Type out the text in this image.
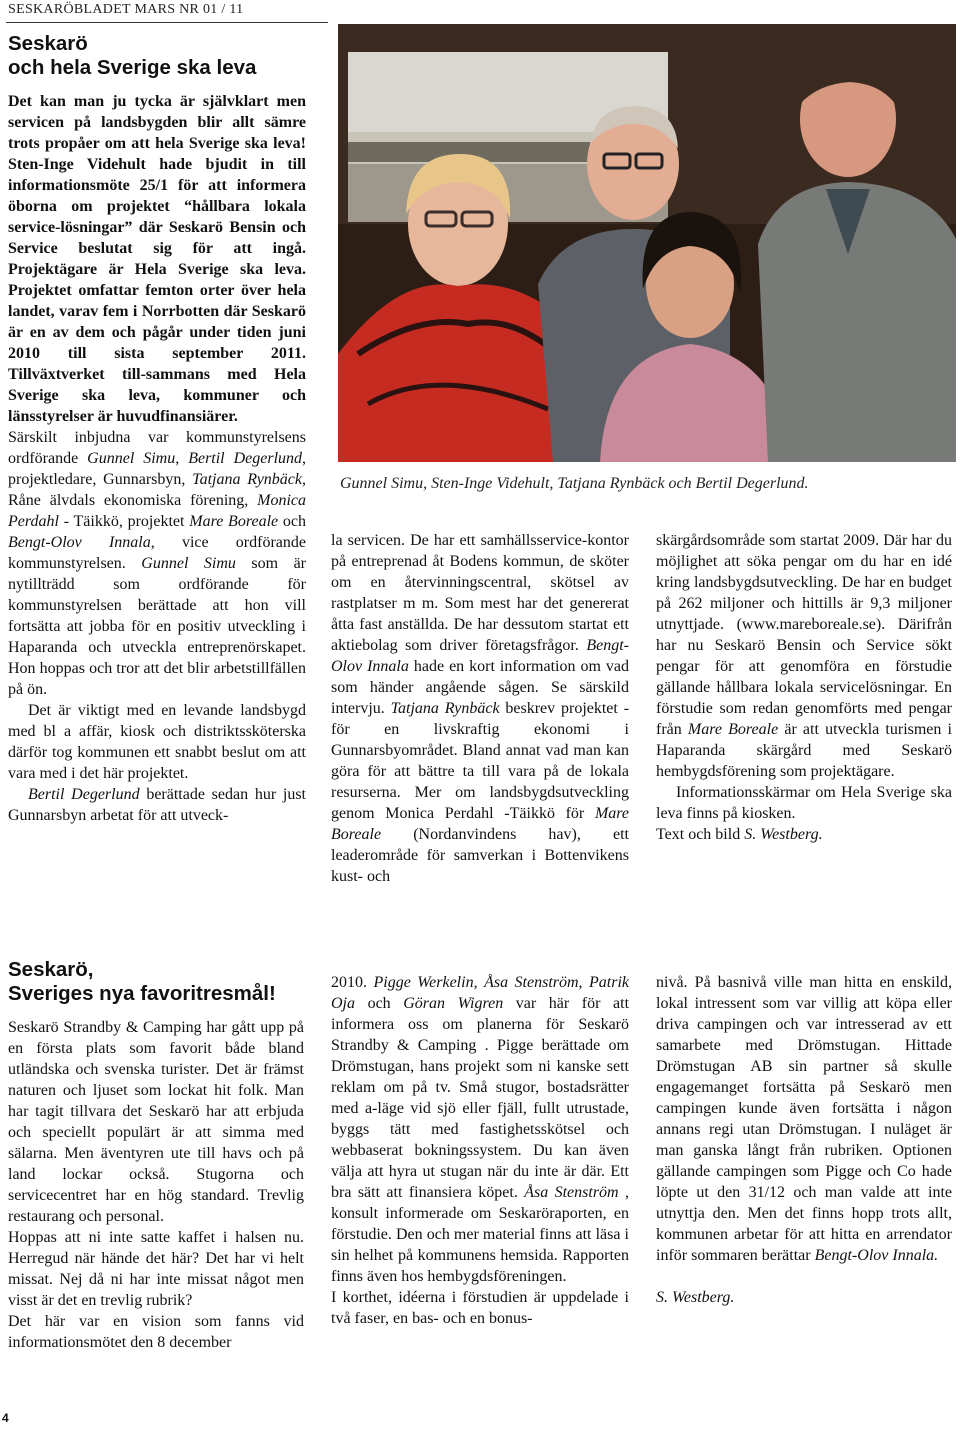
SESKARÖBLADET MARS NR 01 / 11
Seskarö
och hela Sverige ska leva

Det kan man ju tycka är självklart men servicen på landsbygden blir allt sämre trots propåer om att hela Sverige ska leva! Sten-Inge Videhult hade bjudit in till informationsmöte 25/1 för att informera öborna om projektet “hållbara lokala service-lösningar” där Seskarö Bensin och Service beslutat sig för att ingå. Projektägare är Hela Sverige ska leva. Projektet omfattar femton orter över hela landet, varav fem i Norrbotten där Seskarö är en av dem och pågår under tiden juni 2010 till sista september 2011. Tillväxtverket till-sammans med Hela Sverige ska leva, kommuner och länsstyrelser är huvudfinansiärer.

Särskilt inbjudna var kommunstyrelsens ordförande Gunnel Simu, Bertil Degerlund, projektledare, Gunnarsbyn, Tatjana Rynbäck, Råne älvdals ekonomiska förening, Monica Perdahl - Täikkö, projektet Mare Boreale och Bengt-Olov Innala, vice ordförande kommunstyrelsen. Gunnel Simu som är nytillträdd som ordförande för kommunstyrelsen berättade att hon vill fortsätta att jobba för en positiv utveckling i Haparanda och utveckla entreprenörskapet. Hon hoppas och tror att det blir arbetstillfällen på ön.

Det är viktigt med en levande landsbygd med bl a affär, kiosk och distriktssköterska därför tog kommunen ett snabbt beslut om att vara med i det här projektet.

Bertil Degerlund berättade sedan hur just Gunnarsbyn arbetat för att utveck-

Gunnel Simu, Sten-Inge Videhult, Tatjana Rynbäck och Bertil Degerlund.

la servicen. De har ett samhällsservice-kontor på entreprenad åt Bodens kommun, de sköter om en återvinningscentral, skötsel av rastplatser m m. Som mest har det genererat åtta fast anställda. De har dessutom startat ett aktiebolag som driver företagsfrågor. Bengt-Olov Innala hade en kort information om vad som händer angående sågen. Se särskild intervju. Tatjana Rynbäck beskrev projektet - för en livskraftig ekonomi i Gunnarsbyområdet. Bland annat vad man kan göra för att bättre ta till vara på de lokala resurserna. Mer om landsbygdsutveckling genom Monica Perdahl -Täikkö för Mare Boreale (Nordanvindens hav), ett leaderområde för samverkan i Bottenvikens kust- och

skärgårdsområde som startat 2009. Där har du möjlighet att söka pengar om du har en idé kring landsbygdsutveckling. De har en budget på 262 miljoner och hittills är 9,3 miljoner utnyttjade. (www.mareboreale.se). Därifrån har nu Seskarö Bensin och Service sökt pengar för att genomföra en förstudie gällande hållbara lokala servicelösningar. En förstudie som redan genomförts med pengar från Mare Boreale är att utveckla turismen i Haparanda skärgård med Seskarö hembygdsförening som projektägare.

Informationsskärmar om Hela Sverige ska leva finns på kiosken.

Text och bild S. Westberg.

Seskarö,
Sveriges nya favoritresmål!

Seskarö Strandby & Camping har gått upp på en första plats som favorit både bland utländska och svenska turister. Det är främst naturen och ljuset som lockat hit folk. Man har tagit tillvara det Seskarö har att erbjuda och speciellt populärt är att simma med sälarna. Men äventyren ute till havs och på land lockar också. Stugorna och servicecentret har en hög standard. Trevlig restaurang och personal.

Hoppas att ni inte satte kaffet i halsen nu. Herregud när hände det här? Det har vi helt missat. Nej då ni har inte missat något men visst är det en trevlig rubrik?

Det här var en vision som fanns vid informationsmötet den 8 december

2010. Pigge Werkelin, Åsa Stenström, Patrik Oja och Göran Wigren var här för att informera oss om planerna för Seskarö Strandby & Camping . Pigge berättade om Drömstugan, hans projekt som ni kanske sett reklam om på tv. Små stugor, bostadsrätter med a-läge vid sjö eller fjäll, fullt utrustade, byggs tätt med fastighetsskötsel och webbaserat bokningssystem. Du kan även välja att hyra ut stugan när du inte är där. Ett bra sätt att finansiera köpet. Åsa Stenström , konsult informerade om Seskaröraporten, en förstudie. Den och mer material finns att läsa i sin helhet på kommunens hemsida. Rapporten finns även hos hembygdsföreningen.

I korthet, idéerna i förstudien är uppdelade i två faser, en bas- och en bonus-

nivå. På basnivå ville man hitta en enskild, lokal intressent som var villig att köpa eller driva campingen och var intresserad av ett samarbete med Drömstugan. Hittade Drömstugan AB sin partner så skulle engagemanget fortsätta på Seskarö men campingen kunde även fortsätta i någon annans regi utan Drömstugan. I nuläget är man ganska långt från rubriken. Optionen gällande campingen som Pigge och Co hade löpte ut den 31/12 och man valde att inte utnyttja den. Men det finns hopp trots allt, kommunen arbetar för att hitta en arrendator inför sommaren berättar Bengt-Olov Innala.

S. Westberg.

4
